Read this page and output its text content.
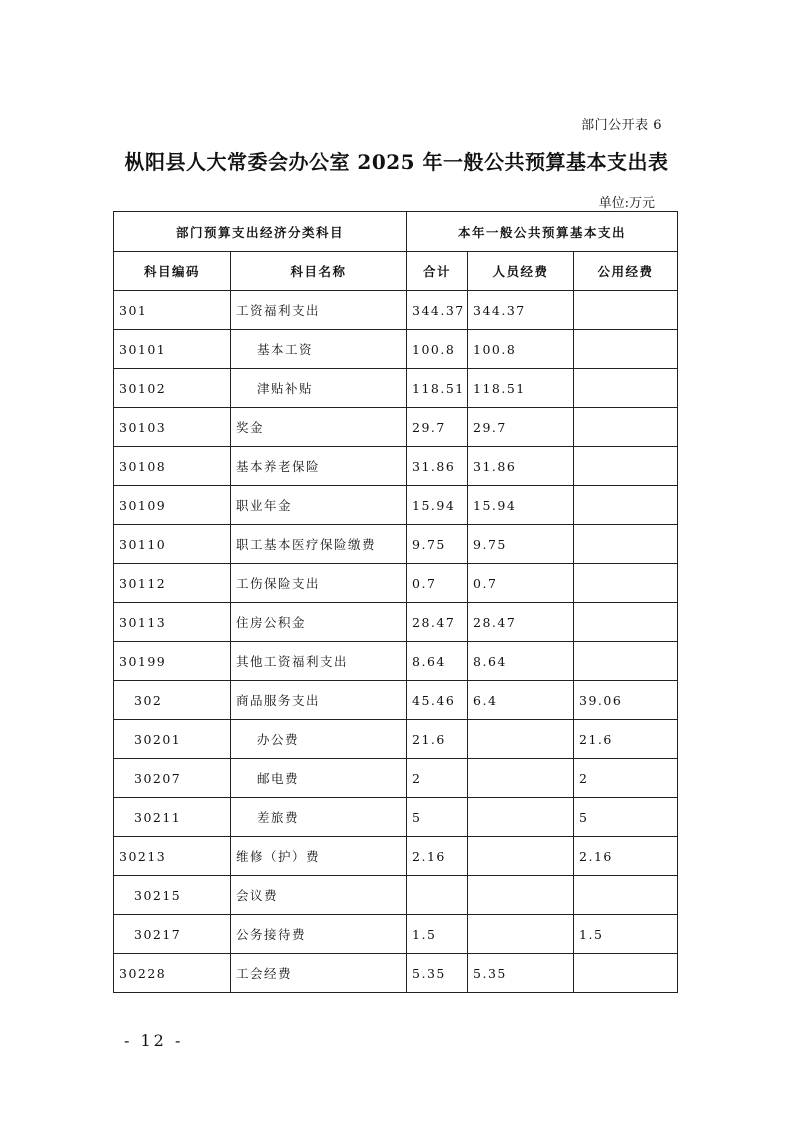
部门公开表 6
枞阳县人大常委会办公室 2025 年一般公共预算基本支出表
单位:万元
部门预算支出经济分类科目		本年一般公共预算基本支出		
科目编码	科目名称	合计	人员经费	公用经费
301	工资福利支出	344.37	344.37	
30101	基本工资	100.8	100.8	
30102	津贴补贴	118.51	118.51	
30103	奖金	29.7	29.7	
30108	基本养老保险	31.86	31.86	
30109	职业年金	15.94	15.94	
30110	职工基本医疗保险缴费	9.75	9.75	
30112	工伤保险支出	0.7	0.7	
30113	住房公积金	28.47	28.47	
30199	其他工资福利支出	8.64	8.64	
302	商品服务支出	45.46	6.4	39.06
30201	办公费	21.6		21.6
30207	邮电费	2		2
30211	差旅费	5		5
30213	维修（护）费	2.16		2.16
30215	会议费			
30217	公务接待费	1.5		1.5
30228	工会经费	5.35	5.35	
- 12 -
